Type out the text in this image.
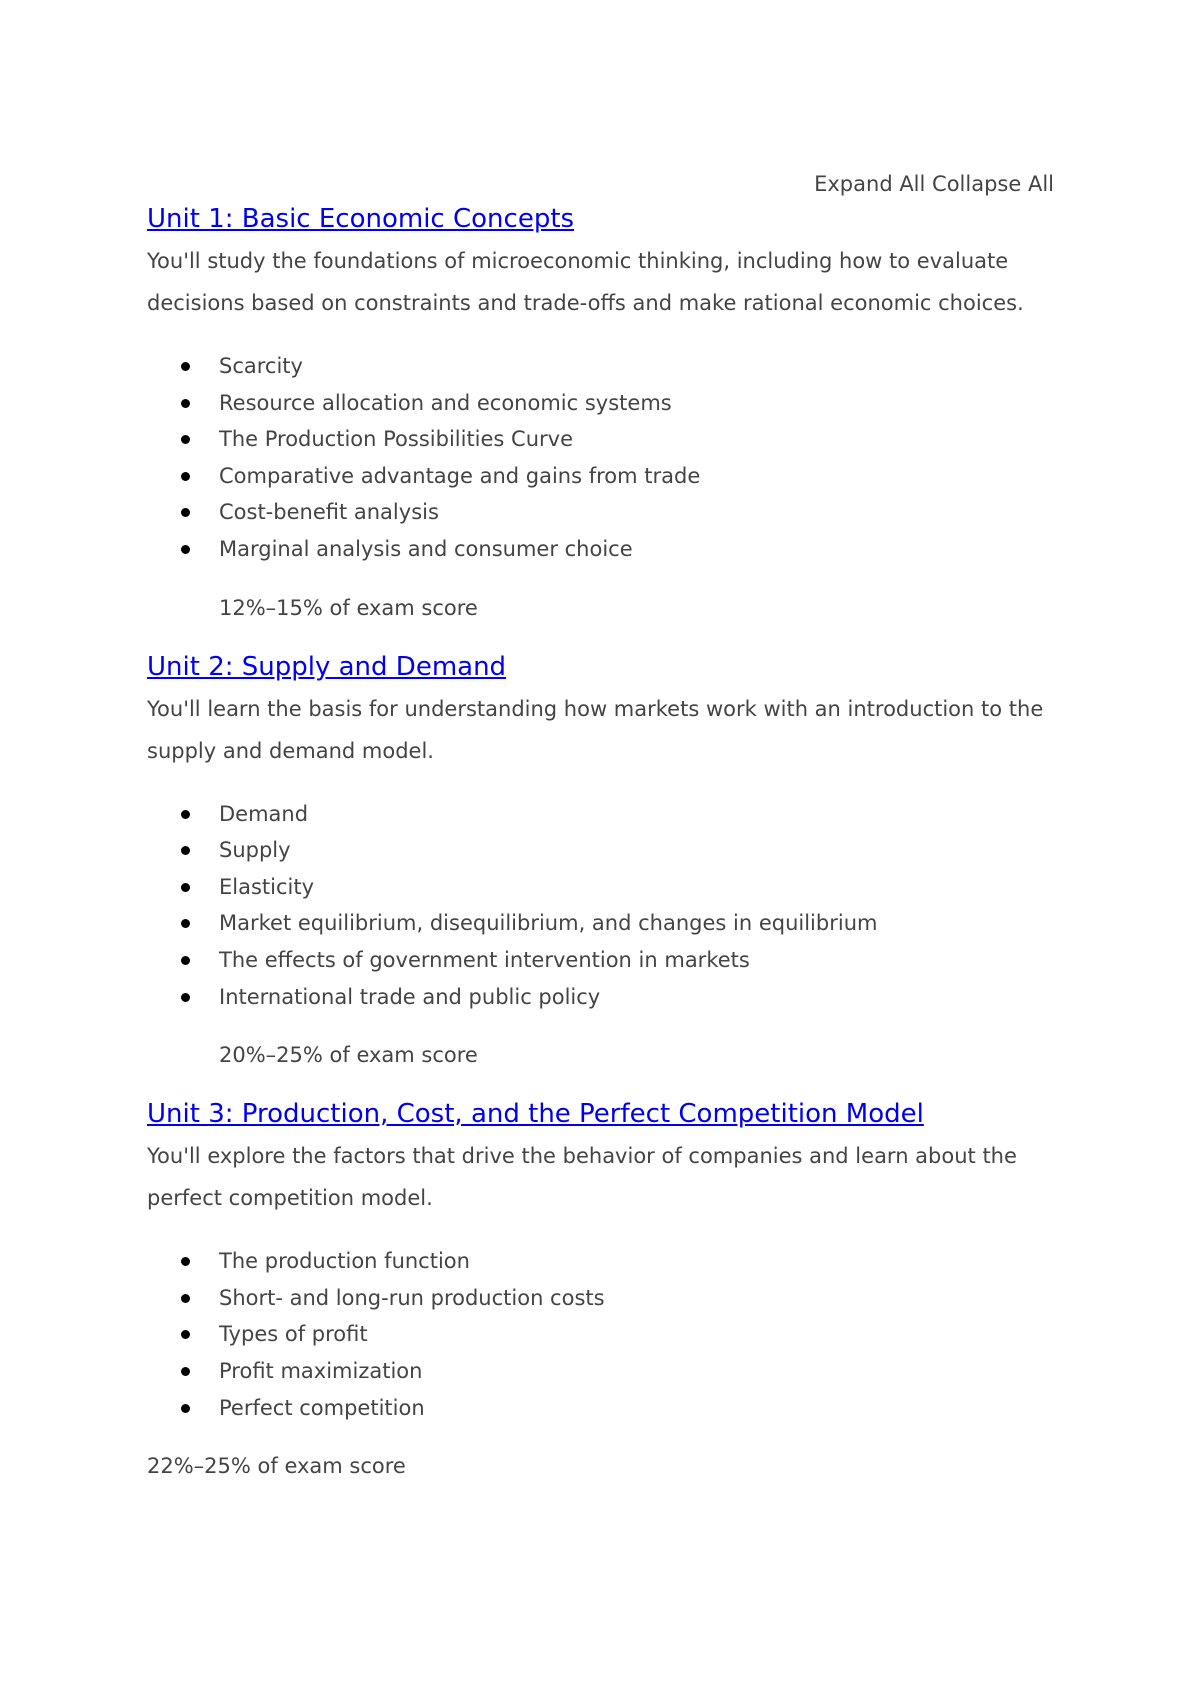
Expand All Collapse All
Unit 1: Basic Economic Concepts

You'll study the foundations of microeconomic thinking, including how to evaluate decisions based on constraints and trade-offs and make rational economic choices.

Scarcity
Resource allocation and economic systems
The Production Possibilities Curve
Comparative advantage and gains from trade
Cost-benefit analysis
Marginal analysis and consumer choice

12%–15% of exam score

Unit 2: Supply and Demand

You'll learn the basis for understanding how markets work with an introduction to the supply and demand model.

Demand
Supply
Elasticity
Market equilibrium, disequilibrium, and changes in equilibrium
The effects of government intervention in markets
International trade and public policy

20%–25% of exam score

Unit 3: Production, Cost, and the Perfect Competition Model

You'll explore the factors that drive the behavior of companies and learn about the perfect competition model.

The production function
Short- and long-run production costs
Types of profit
Profit maximization
Perfect competition

22%–25% of exam score
